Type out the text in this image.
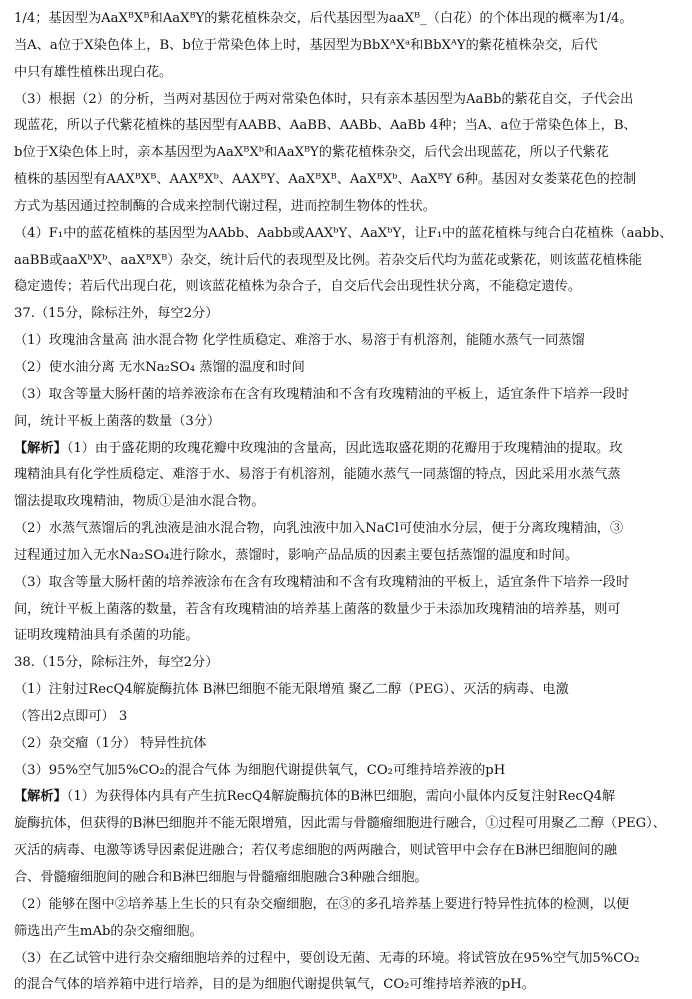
1/4；基因型为AaXᴮXᴮ和AaXᴮY的紫花植株杂交，后代基因型为aaXᴮ_（白花）的个体出现的概率为1/4。
当A、a位于X染色体上，B、b位于常染色体上时，基因型为BbXᴬXᵃ和BbXᴬY的紫花植株杂交，后代
中只有雄性植株出现白花。
（3）根据（2）的分析，当两对基因位于两对常染色体时，只有亲本基因型为AaBb的紫花自交，子代会出
现蓝花，所以子代紫花植株的基因型有AABB、AaBB、AABb、AaBb 4种；当A、a位于常染色体上，B、
b位于X染色体上时，亲本基因型为AaXᴮXᵇ和AaXᴮY的紫花植株杂交，后代会出现蓝花，所以子代紫花
植株的基因型有AAXᴮXᴮ、AAXᴮXᵇ、AAXᴮY、AaXᴮXᴮ、AaXᴮXᵇ、AaXᴮY 6种。基因对女娄菜花色的控制
方式为基因通过控制酶的合成来控制代谢过程，进而控制生物体的性状。
（4）F₁中的蓝花植株的基因型为AAbb、Aabb或AAXᵇY、AaXᵇY，让F₁中的蓝花植株与纯合白花植株（aabb、
aaBB或aaXᵇXᵇ、aaXᴮXᴮ）杂交，统计后代的表现型及比例。若杂交后代均为蓝花或紫花，则该蓝花植株能
稳定遗传；若后代出现白花，则该蓝花植株为杂合子，自交后代会出现性状分离，不能稳定遗传。
37.（15分，除标注外，每空2分）
（1）玫瑰油含量高 油水混合物 化学性质稳定、难溶于水、易溶于有机溶剂，能随水蒸气一同蒸馏
（2）使水油分离 无水Na₂SO₄ 蒸馏的温度和时间
（3）取含等量大肠杆菌的培养液涂布在含有玫瑰精油和不含有玫瑰精油的平板上，适宜条件下培养一段时
间，统计平板上菌落的数量（3分）
【解析】（1）由于盛花期的玫瑰花瓣中玫瑰油的含量高，因此选取盛花期的花瓣用于玫瑰精油的提取。玫
瑰精油具有化学性质稳定、难溶于水、易溶于有机溶剂，能随水蒸气一同蒸馏的特点，因此采用水蒸气蒸
馏法提取玫瑰精油，物质①是油水混合物。
（2）水蒸气蒸馏后的乳浊液是油水混合物，向乳浊液中加入NaCl可使油水分层，便于分离玫瑰精油，③
过程通过加入无水Na₂SO₄进行除水，蒸馏时，影响产品品质的因素主要包括蒸馏的温度和时间。
（3）取含等量大肠杆菌的培养液涂布在含有玫瑰精油和不含有玫瑰精油的平板上，适宜条件下培养一段时
间，统计平板上菌落的数量，若含有玫瑰精油的培养基上菌落的数量少于未添加玫瑰精油的培养基，则可
证明玫瑰精油具有杀菌的功能。
38.（15分，除标注外，每空2分）
（1）注射过RecQ4解旋酶抗体 B淋巴细胞不能无限增殖 聚乙二醇（PEG）、灭活的病毒、电激
（答出2点即可） 3
（2）杂交瘤（1分） 特异性抗体
（3）95%空气加5%CO₂的混合气体 为细胞代谢提供氧气，CO₂可维持培养液的pH
【解析】（1）为获得体内具有产生抗RecQ4解旋酶抗体的B淋巴细胞，需向小鼠体内反复注射RecQ4解
旋酶抗体，但获得的B淋巴细胞并不能无限增殖，因此需与骨髓瘤细胞进行融合，①过程可用聚乙二醇（PEG）、
灭活的病毒、电激等诱导因素促进融合；若仅考虑细胞的两两融合，则试管甲中会存在B淋巴细胞间的融
合、骨髓瘤细胞间的融合和B淋巴细胞与骨髓瘤细胞融合3种融合细胞。
（2）能够在图中②培养基上生长的只有杂交瘤细胞，在③的多孔培养基上要进行特异性抗体的检测，以便
筛选出产生mAb的杂交瘤细胞。
（3）在乙试管中进行杂交瘤细胞培养的过程中，要创设无菌、无毒的环境。将试管放在95%空气加5%CO₂
的混合气体的培养箱中进行培养，目的是为细胞代谢提供氧气，CO₂可维持培养液的pH。
